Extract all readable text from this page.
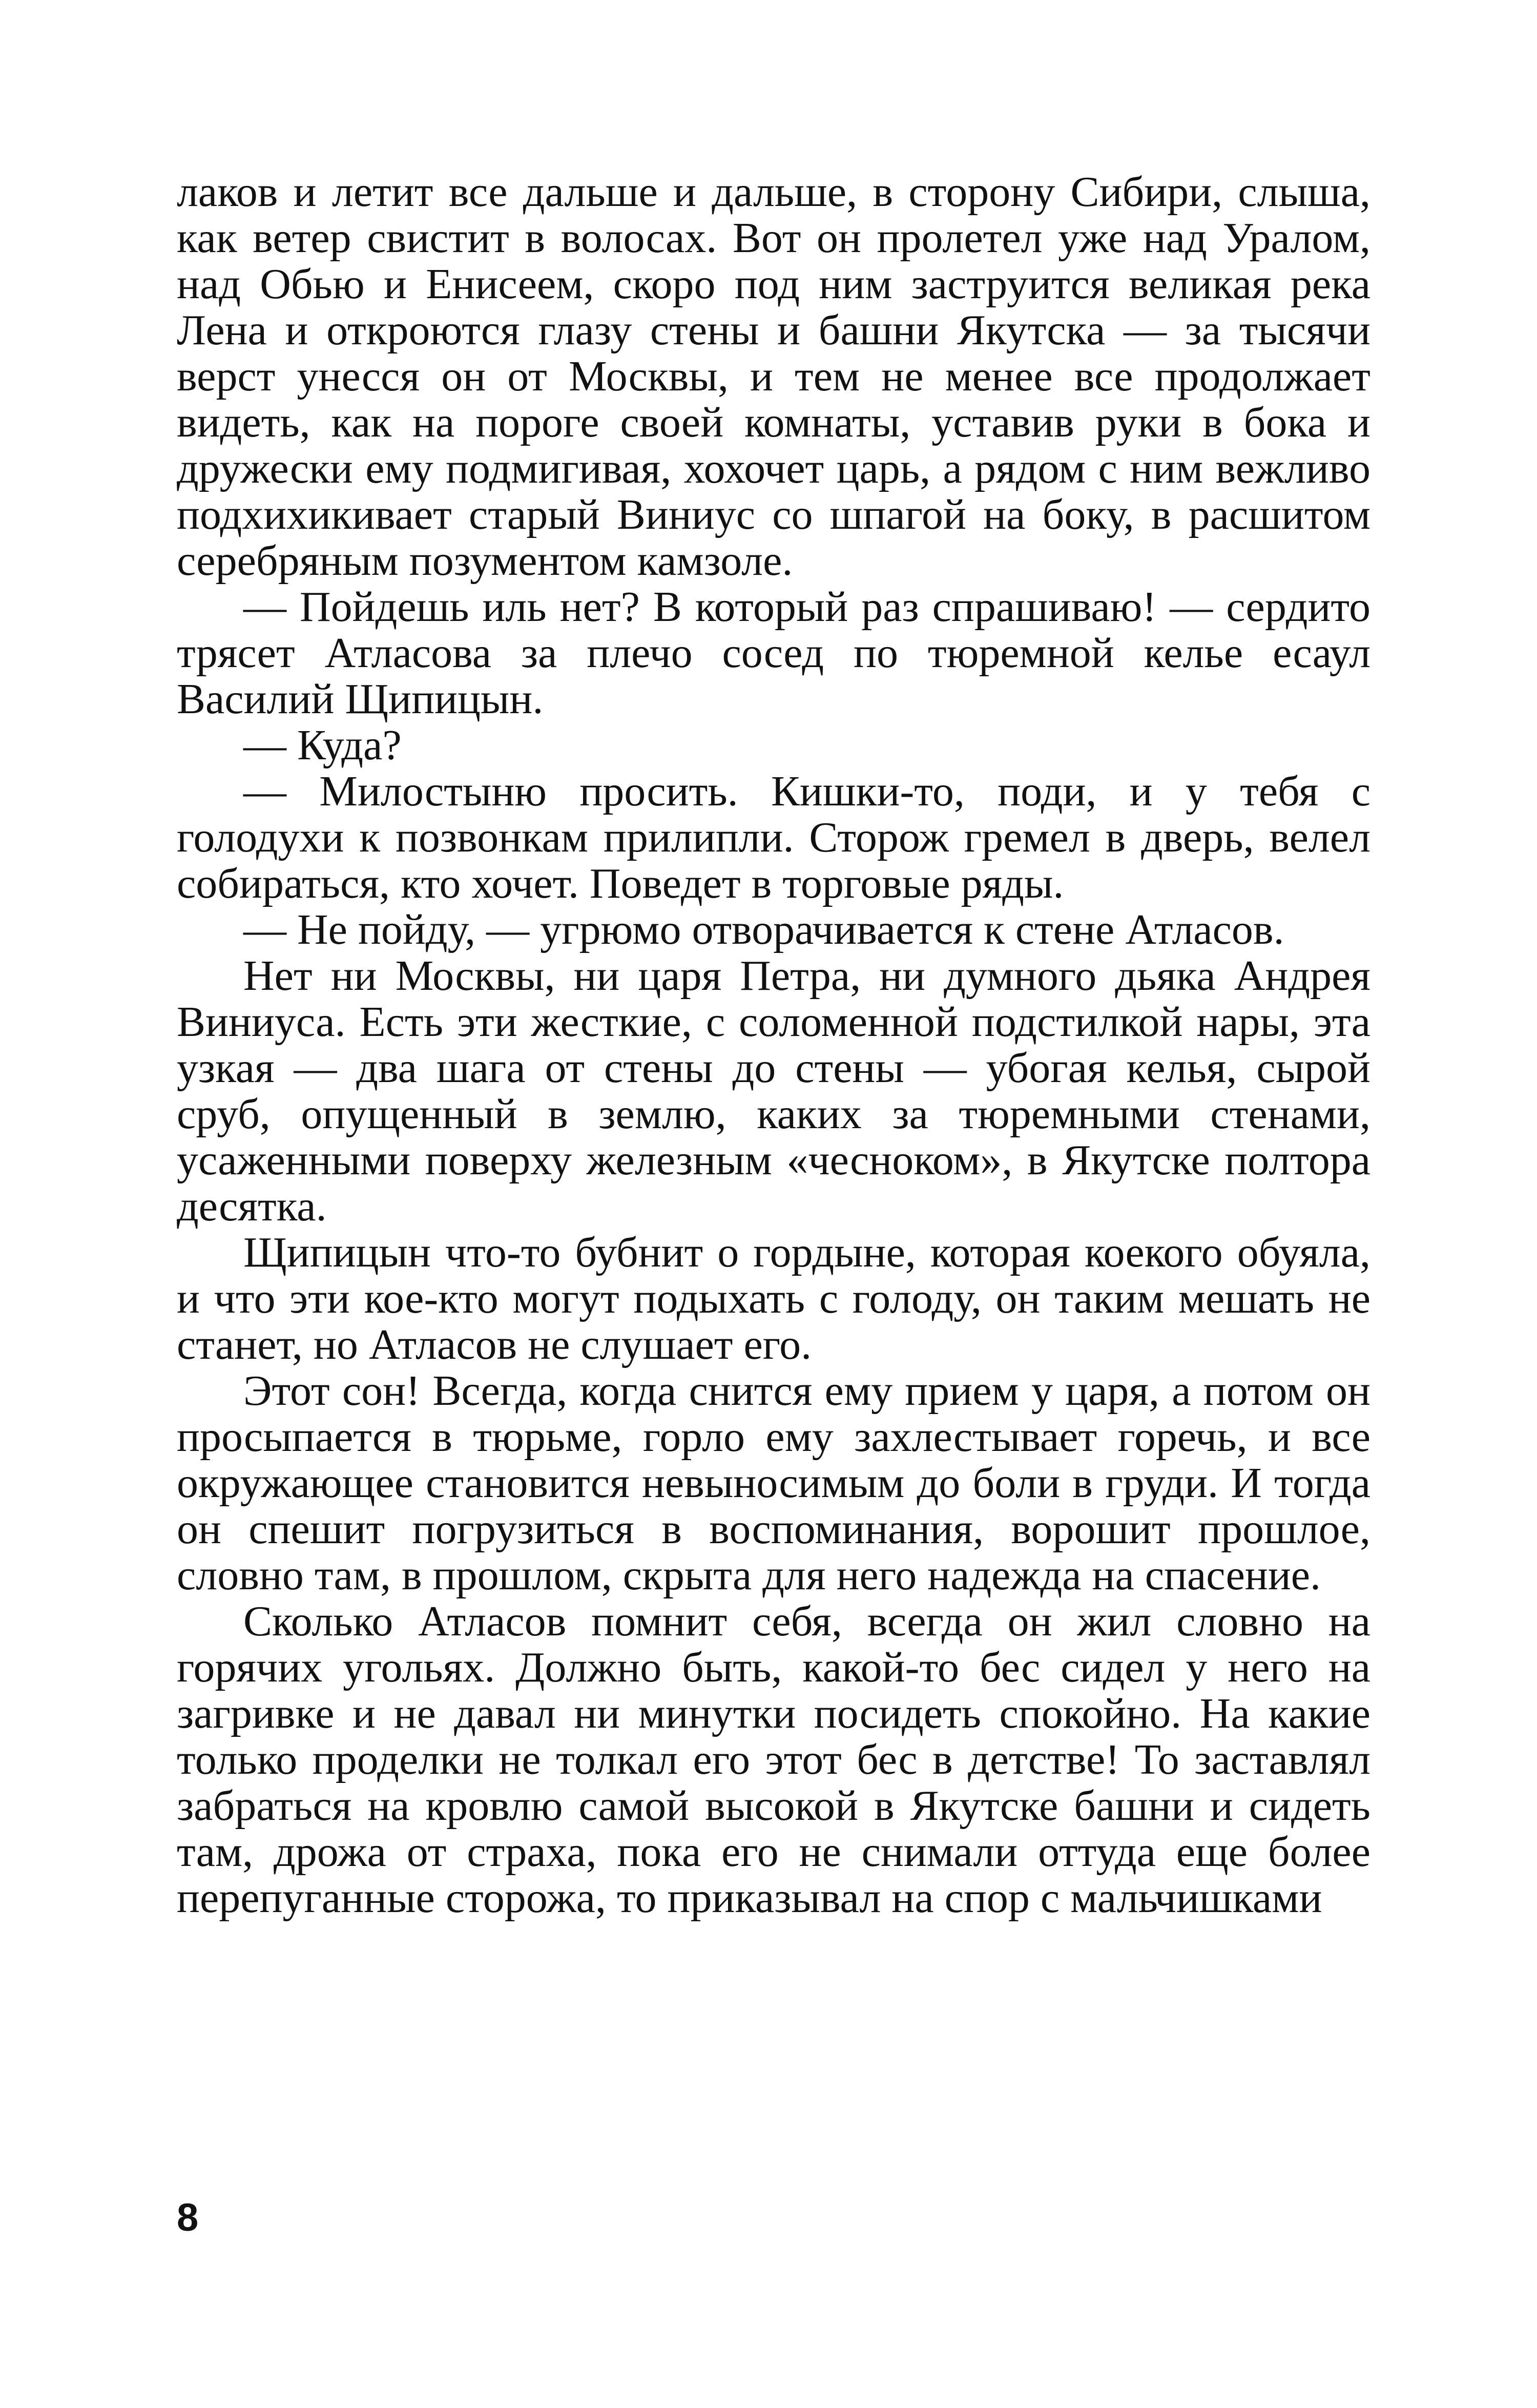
лаков и летит все дальше и дальше, в сторону Сибири, слыша, как ветер свистит в волосах. Вот он пролетел уже над Уралом, над Обью и Енисеем, скоро под ним заструится великая река Лена и откроются глазу стены и башни Якутска — за тысячи верст унесся он от Москвы, и тем не менее все продолжает видеть, как на пороге своей комнаты, уставив руки в бока и дружески ему подмигивая, хохочет царь, а рядом с ним вежливо подхихикивает старый Виниус со шпагой на боку, в расшитом серебряным позументом камзоле.

— Пойдешь иль нет? В который раз спрашиваю! — сердито трясет Атласова за плечо сосед по тюремной келье есаул Василий Щипицын.

— Куда?

— Милостыню просить. Кишки-то, поди, и у тебя с голодухи к позвонкам прилипли. Сторож гремел в дверь, велел собираться, кто хочет. Поведет в торговые ряды.

— Не пойду, — угрюмо отворачивается к стене Атласов.

Нет ни Москвы, ни царя Петра, ни думного дьяка Андрея Виниуса. Есть эти жесткие, с соломенной подстилкой нары, эта узкая — два шага от стены до стены — убогая келья, сырой сруб, опущенный в землю, каких за тюремными стенами, усаженными поверху железным «чесноком», в Якутске полтора десятка.

Щипицын что-то бубнит о гордыне, которая коекого обуяла, и что эти кое-кто могут подыхать с голоду, он таким мешать не станет, но Атласов не слушает его.

Этот сон! Всегда, когда снится ему прием у царя, а потом он просыпается в тюрьме, горло ему захлестывает горечь, и все окружающее становится невыносимым до боли в груди. И тогда он спешит погрузиться в воспоминания, ворошит прошлое, словно там, в прошлом, скрыта для него надежда на спасение.

Сколько Атласов помнит себя, всегда он жил словно на горячих угольях. Должно быть, какой-то бес сидел у него на загривке и не давал ни минутки посидеть спокойно. На какие только проделки не толкал его этот бес в детстве! То заставлял забраться на кровлю самой высокой в Якутске башни и сидеть там, дрожа от страха, пока его не снимали оттуда еще более перепуганные сторожа, то приказывал на спор с мальчишками

8
